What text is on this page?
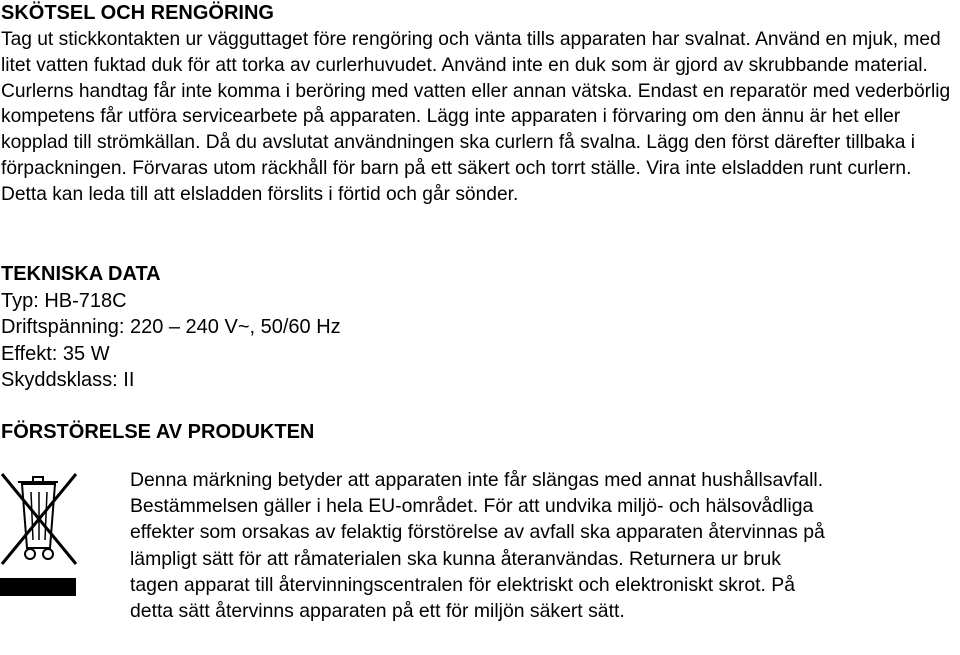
SKÖTSEL OCH RENGÖRING

Tag ut stickkontakten ur vägguttaget före rengöring och vänta tills apparaten har svalnat. Använd en mjuk, med litet vatten fuktad duk för att torka av curlerhuvudet. Använd inte en duk som är gjord av skrubbande material. Curlerns handtag får inte komma i beröring med vatten eller annan vätska. Endast en reparatör med vederbörlig kompetens får utföra servicearbete på apparaten. Lägg inte apparaten i förvaring om den ännu är het eller kopplad till strömkällan. Då du avslutat användningen ska curlern få svalna. Lägg den först därefter tillbaka i förpackningen. Förvaras utom räckhåll för barn på ett säkert och torrt ställe. Vira inte elsladden runt curlern. Detta kan leda till att elsladden förslits i förtid och går sönder.

TEKNISKA DATA

Typ: HB-718C

Driftspänning: 220 – 240 V~, 50/60 Hz

Effekt: 35 W

Skyddsklass: II

FÖRSTÖRELSE AV PRODUKTEN

Denna märkning betyder att apparaten inte får slängas med annat hushållsavfall. Bestämmelsen gäller i hela EU-området. För att undvika miljö- och hälsovådliga effekter som orsakas av felaktig förstörelse av avfall ska apparaten återvinnas på lämpligt sätt för att råmaterialen ska kunna återanvändas. Returnera ur bruk tagen apparat till återvinningscentralen för elektriskt och elektroniskt skrot. På detta sätt återvinns apparaten på ett för miljön säkert sätt.
